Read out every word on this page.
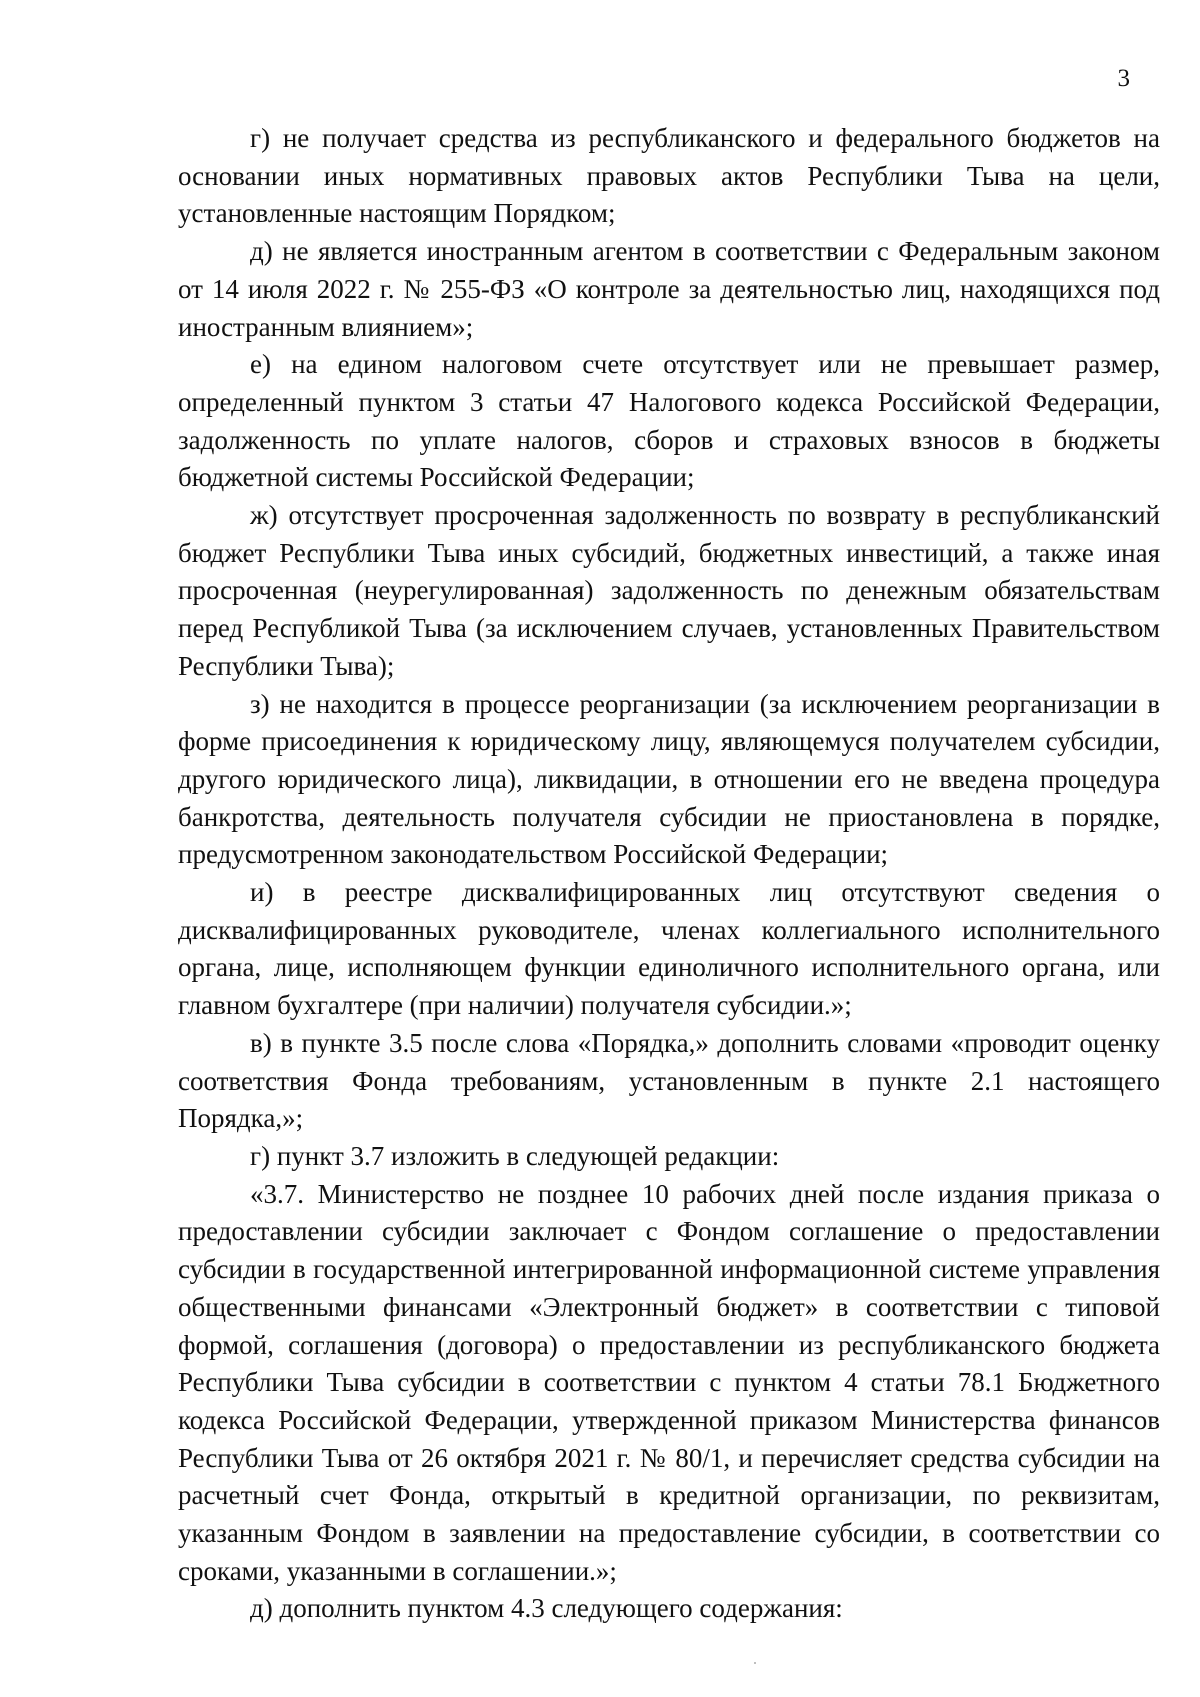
3

г) не получает средства из республиканского и федерального бюджетов на основании иных нормативных правовых актов Республики Тыва на цели, установленные настоящим Порядком;

д) не является иностранным агентом в соответствии с Федеральным законом от 14 июля 2022 г. № 255-ФЗ «О контроле за деятельностью лиц, находящихся под иностранным влиянием»;

е) на едином налоговом счете отсутствует или не превышает размер, определенный пунктом 3 статьи 47 Налогового кодекса Российской Федерации, задолженность по уплате налогов, сборов и страховых взносов в бюджеты бюджетной системы Российской Федерации;

ж) отсутствует просроченная задолженность по возврату в республиканский бюджет Республики Тыва иных субсидий, бюджетных инвестиций, а также иная просроченная (неурегулированная) задолженность по денежным обязательствам перед Республикой Тыва (за исключением случаев, установленных Правительством Республики Тыва);

з) не находится в процессе реорганизации (за исключением реорганизации в форме присоединения к юридическому лицу, являющемуся получателем субсидии, другого юридического лица), ликвидации, в отношении его не введена процедура банкротства, деятельность получателя субсидии не приостановлена в порядке, предусмотренном законодательством Российской Федерации;

и) в реестре дисквалифицированных лиц отсутствуют сведения о дисквалифицированных руководителе, членах коллегиального исполнительного органа, лице, исполняющем функции единоличного исполнительного органа, или главном бухгалтере (при наличии) получателя субсидии.»;

в) в пункте 3.5 после слова «Порядка,» дополнить словами «проводит оценку соответствия Фонда требованиям, установленным в пункте 2.1 настоящего Порядка,»;

г) пункт 3.7 изложить в следующей редакции:

«3.7. Министерство не позднее 10 рабочих дней после издания приказа о предоставлении субсидии заключает с Фондом соглашение о предоставлении субсидии в государственной интегрированной информационной системе управления общественными финансами «Электронный бюджет» в соответствии с типовой формой, соглашения (договора) о предоставлении из республиканского бюджета Республики Тыва субсидии в соответствии с пунктом 4 статьи 78.1 Бюджетного кодекса Российской Федерации, утвержденной приказом Министерства финансов Республики Тыва от 26 октября 2021 г. № 80/1, и перечисляет средства субсидии на расчетный счет Фонда, открытый в кредитной организации, по реквизитам, указанным Фондом в заявлении на предоставление субсидии, в соответствии со сроками, указанными в соглашении.»;

д) дополнить пунктом 4.3 следующего содержания:
